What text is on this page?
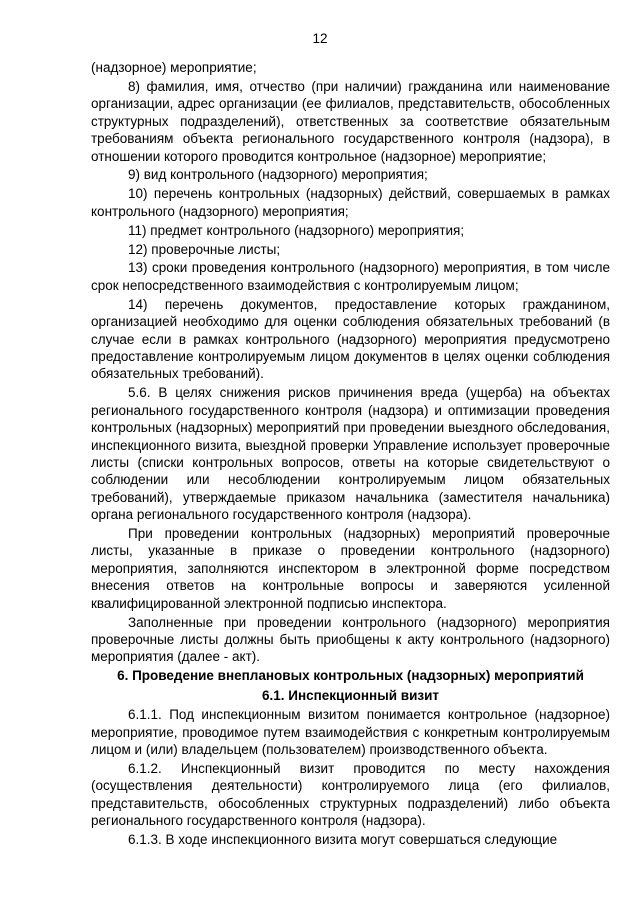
12

(надзорное) мероприятие;

8) фамилия, имя, отчество (при наличии) гражданина или наименование организации, адрес организации (ее филиалов, представительств, обособленных структурных подразделений), ответственных за соответствие обязательным требованиям объекта регионального государственного контроля (надзора), в отношении которого проводится контрольное (надзорное) мероприятие;

9) вид контрольного (надзорного) мероприятия;

10) перечень контрольных (надзорных) действий, совершаемых в рамках контрольного (надзорного) мероприятия;

11) предмет контрольного (надзорного) мероприятия;

12) проверочные листы;

13) сроки проведения контрольного (надзорного) мероприятия, в том числе срок непосредственного взаимодействия с контролируемым лицом;

14) перечень документов, предоставление которых гражданином, организацией необходимо для оценки соблюдения обязательных требований (в случае если в рамках контрольного (надзорного) мероприятия предусмотрено предоставление контролируемым лицом документов в целях оценки соблюдения обязательных требований).

5.6. В целях снижения рисков причинения вреда (ущерба) на объектах регионального государственного контроля (надзора) и оптимизации проведения контрольных (надзорных) мероприятий при проведении выездного обследования, инспекционного визита, выездной проверки Управление использует проверочные листы (списки контрольных вопросов, ответы на которые свидетельствуют о соблюдении или несоблюдении контролируемым лицом обязательных требований), утверждаемые приказом начальника (заместителя начальника) органа регионального государственного контроля (надзора).

При проведении контрольных (надзорных) мероприятий проверочные листы, указанные в приказе о проведении контрольного (надзорного) мероприятия, заполняются инспектором в электронной форме посредством внесения ответов на контрольные вопросы и заверяются усиленной квалифицированной электронной подписью инспектора.

Заполненные при проведении контрольного (надзорного) мероприятия проверочные листы должны быть приобщены к акту контрольного (надзорного) мероприятия (далее - акт).

6. Проведение внеплановых контрольных (надзорных) мероприятий
6.1. Инспекционный визит

6.1.1. Под инспекционным визитом понимается контрольное (надзорное) мероприятие, проводимое путем взаимодействия с конкретным контролируемым лицом и (или) владельцем (пользователем) производственного объекта.

6.1.2. Инспекционный визит проводится по месту нахождения (осуществления деятельности) контролируемого лица (его филиалов, представительств, обособленных структурных подразделений) либо объекта регионального государственного контроля (надзора).

6.1.3. В ходе инспекционного визита могут совершаться следующие
